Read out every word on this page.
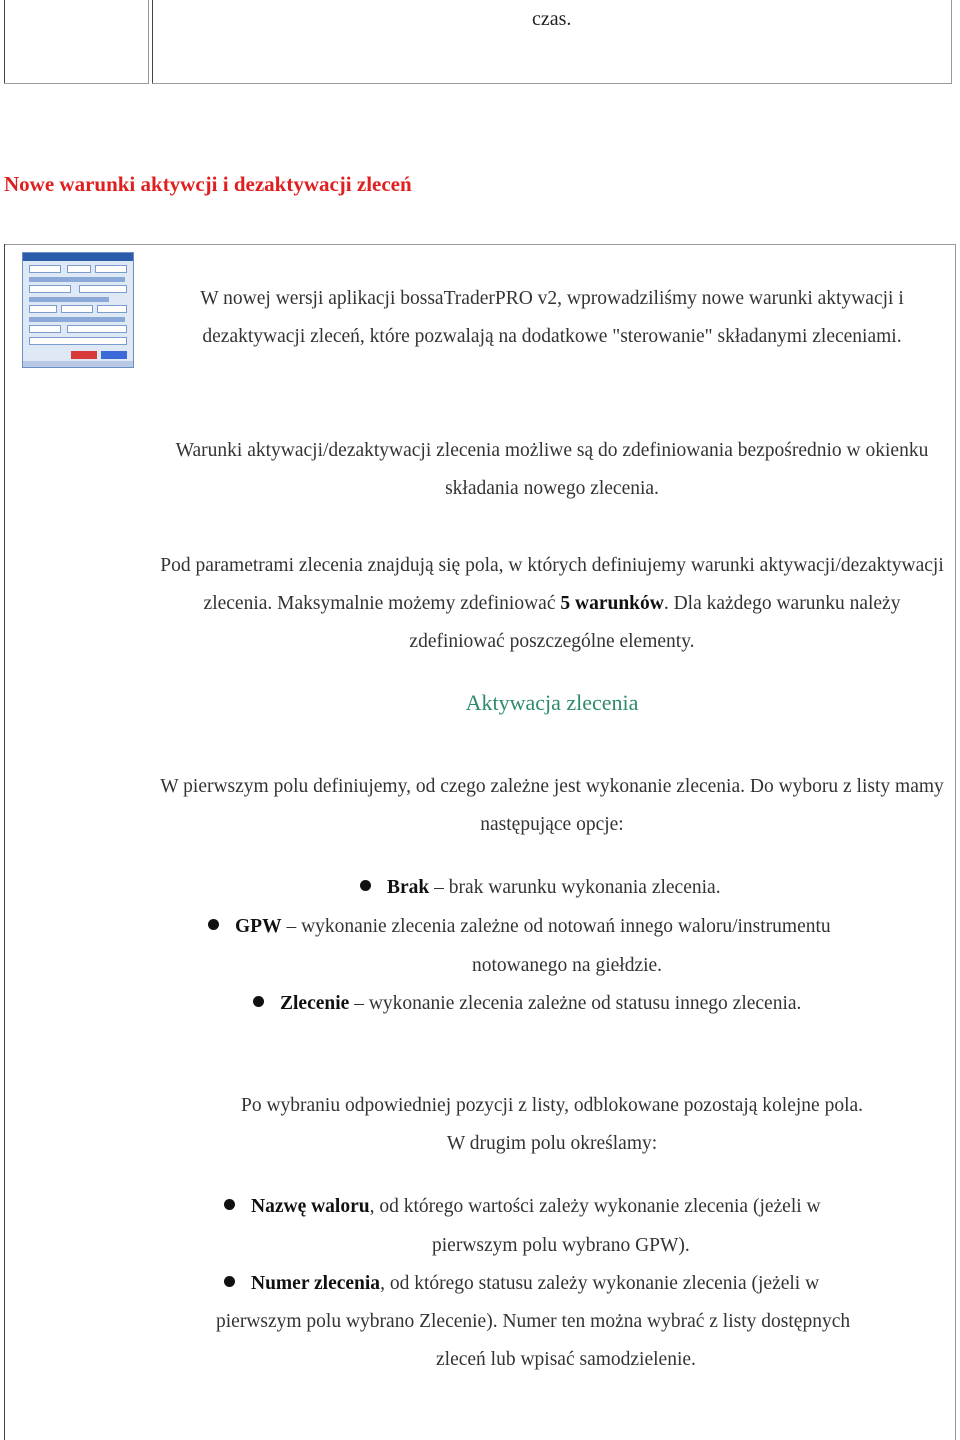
czas.
Nowe warunki aktywcji i dezaktywacji zleceń

W nowej wersji aplikacji bossaTraderPRO v2, wprowadziliśmy nowe warunki aktywacji i dezaktywacji zleceń, które pozwalają na dodatkowe "sterowanie" składanymi zleceniami.

Warunki aktywacji/dezaktywacji zlecenia możliwe są do zdefiniowania bezpośrednio w okienku składania nowego zlecenia.

Pod parametrami zlecenia znajdują się pola, w których definiujemy warunki aktywacji/dezaktywacji zlecenia. Maksymalnie możemy zdefiniować 5 warunków. Dla każdego warunku należy zdefiniować poszczególne elementy.

Aktywacja zlecenia

W pierwszym polu definiujemy, od czego zależne jest wykonanie zlecenia. Do wyboru z listy mamy następujące opcje:

Brak – brak warunku wykonania zlecenia.
GPW – wykonanie zlecenia zależne od notowań innego waloru/instrumentu
notowanego na giełdzie.
Zlecenie – wykonanie zlecenia zależne od statusu innego zlecenia.

Po wybraniu odpowiedniej pozycji z listy, odblokowane pozostają kolejne pola.

W drugim polu określamy:

Nazwę waloru, od którego wartości zależy wykonanie zlecenia (jeżeli w
pierwszym polu wybrano GPW).
Numer zlecenia, od którego statusu zależy wykonanie zlecenia (jeżeli w
pierwszym polu wybrano Zlecenie). Numer ten można wybrać z listy dostępnych
zleceń lub wpisać samodzielenie.
